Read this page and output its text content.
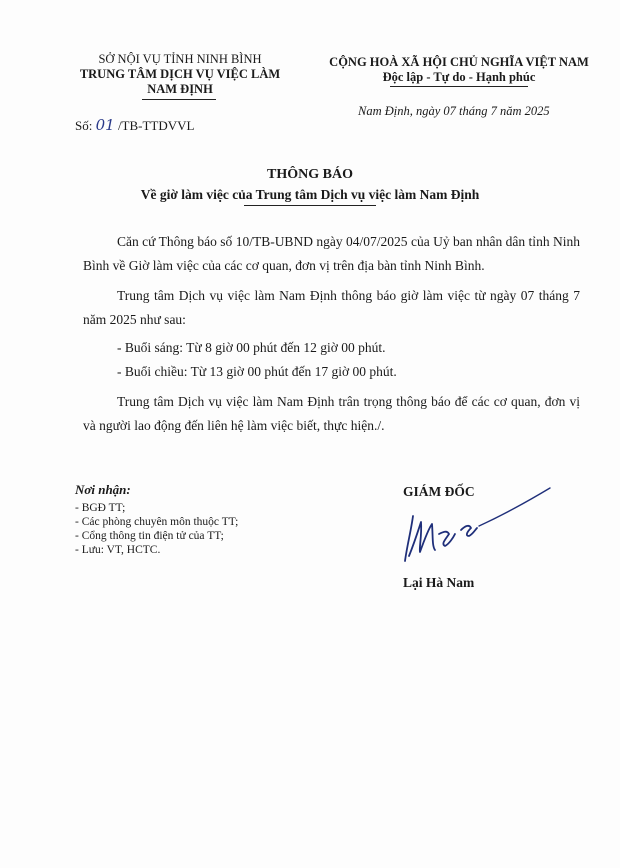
SỞ NỘI VỤ TỈNH NINH BÌNH
TRUNG TÂM DỊCH VỤ VIỆC LÀM
NAM ĐỊNH
CỘNG HOÀ XÃ HỘI CHỦ NGHĨA VIỆT NAM
Độc lập - Tự do - Hạnh phúc
Số: 01 /TB-TTDVVL
Nam Định, ngày 07 tháng 7 năm 2025
THÔNG BÁO
Về giờ làm việc của Trung tâm Dịch vụ việc làm Nam Định

Căn cứ Thông báo số 10/TB-UBND ngày 04/07/2025 của Uỷ ban nhân dân tỉnh Ninh Bình về Giờ làm việc của các cơ quan, đơn vị trên địa bàn tỉnh Ninh Bình.

Trung tâm Dịch vụ việc làm Nam Định thông báo giờ làm việc từ ngày 07 tháng 7 năm 2025 như sau:

- Buổi sáng: Từ 8 giờ 00 phút đến 12 giờ 00 phút.

- Buổi chiều: Từ 13 giờ 00 phút đến 17 giờ 00 phút.

Trung tâm Dịch vụ việc làm Nam Định trân trọng thông báo để các cơ quan, đơn vị và người lao động đến liên hệ làm việc biết, thực hiện./.

Nơi nhận:
- BGĐ TT;
- Các phòng chuyên môn thuộc TT;
- Cổng thông tin điện tử của TT;
- Lưu: VT, HCTC.
GIÁM ĐỐC
Lại Hà Nam
